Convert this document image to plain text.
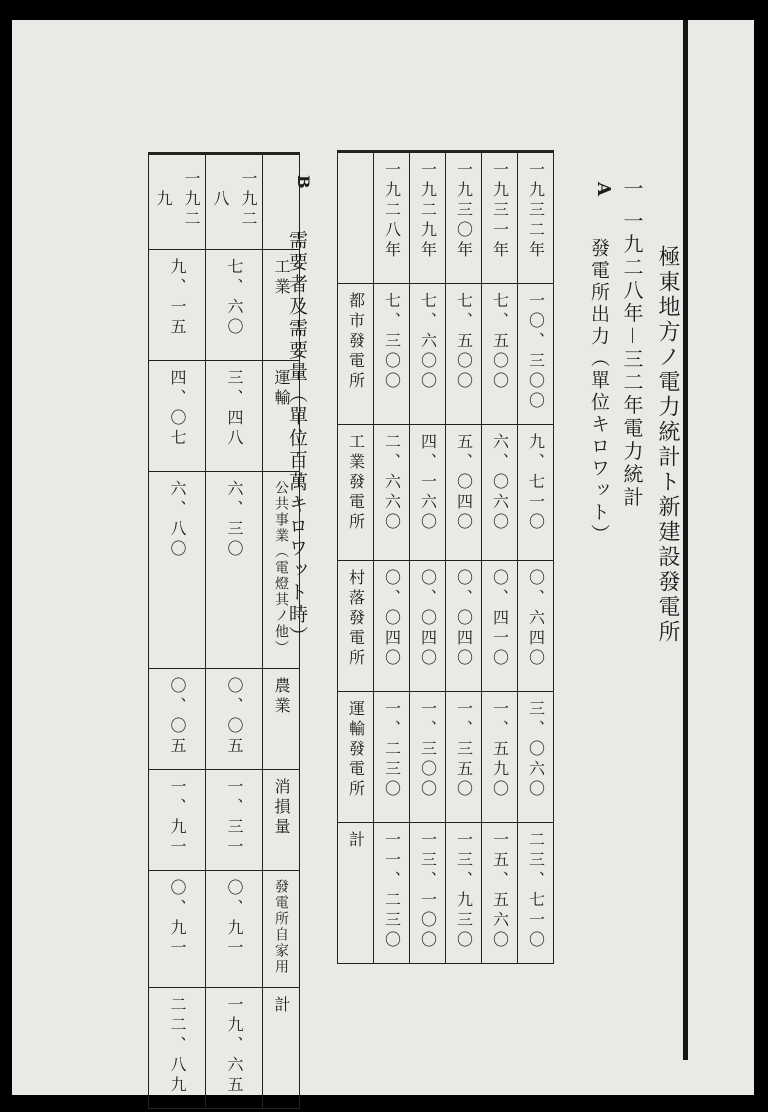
極東地方ノ電力統計ト新建設發電所
一 一九二八年－三二年電力統計
A
發電所出力（單位キロワット）
	一九二八年	一九二九年	一九三〇年	一九三一年	一九三二年
都市發電所	七、三〇〇	七、六〇〇	七、五〇〇	七、五〇〇	一〇、三〇〇
工業發電所	二、六六〇	四、一六〇	五、〇四〇	六、〇六〇	九、七一〇
村落發電所	〇、〇四〇	〇、〇四〇	〇、〇四〇	〇、四一〇	〇、六四〇
運輸發電所	一、二三〇	一、三〇〇	一、三五〇	一、五九〇	三、〇六〇
計	一一、二三〇	一三、一〇〇	一三、九三〇	一五、五六〇	二三、七一〇
B
需要者及需要量（單位百萬キロワット時）
一九二九	一九二八	
九、一五	七、六〇	工業
四、〇七	三、四八	運輸
六、八〇	六、三〇	公共事業（電燈其ノ他）
〇、〇五	〇、〇五	農業
一、九一	一、三一	消損量
〇、九一	〇、九一	發電所自家用
二二、八九	一九、六五	計
